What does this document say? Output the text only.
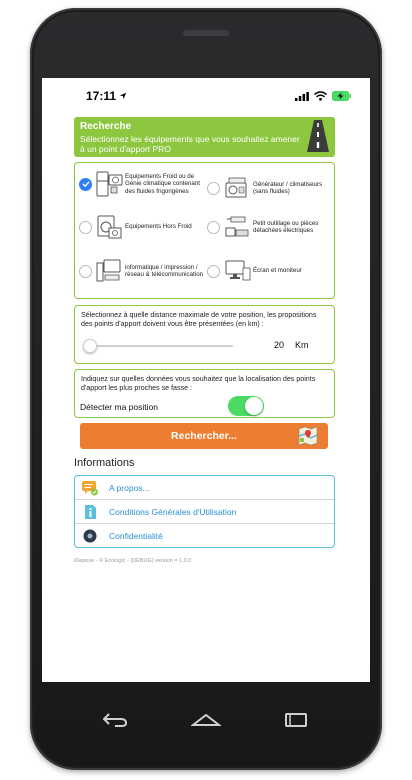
17:11
Recherche
Sélectionnez les équipements que vous souhaitez amener à un point d'apport PRO
Equipements Froid ou de Génie climatique contenant des fluides frigorigènes
Générateur / climatiseurs (sans fluides)
Equipements Hors Froid
Petit outillage ou pièces détachées électriques
informatique / impression / réseau & télécommunication
Écran et moniteur
Sélectionnez à quelle distance maximale de votre position, les propositions des points d'apport doivent vous être présentées (en km) :
20 Km
Indiquez sur quelles données vous souhaitez que la localisation des points d'apport les plus proches se fasse :
Détecter ma position
Rechercher...
Informations
A propos...
Conditions Générales d'Utilisation
Confidentialité
iDepose - © Ecologic - (DEBUG) version = 1.0.0
